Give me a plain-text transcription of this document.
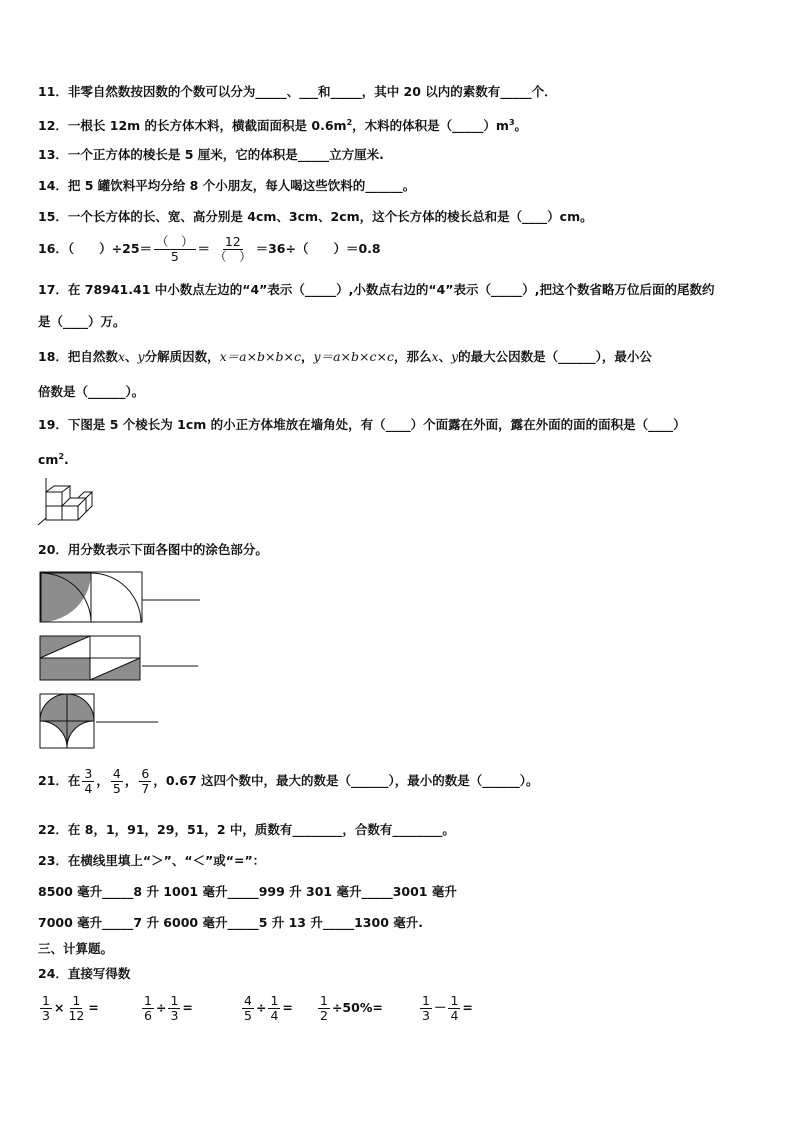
11．非零自然数按因数的个数可以分为_____、___和_____，其中 20 以内的素数有_____个．
12．一根长 12m 的长方体木料，横截面面积是 $0.6m^2$，木料的体积是$(\_\_\_\_\_)m^3$。
13．一个正方体的棱长是 5 厘米，它的体积是_____立方厘米.
14．把 5 罐饮料平均分给 8 个小朋友，每人喝这些饮料的______。
15．一个长方体的长、宽、高分别是 4cm、3cm、2cm，这个长方体的棱长总和是（____）cm。
16．（　　）÷25＝ （　）
5
＝ 12
（　）
＝36÷（　　）＝0.8
17．在 78941.41 中小数点左边的“4”表示（_____）,小数点右边的“4”表示（_____）,把这个数省略万位后面的尾数约
是（____）万。
18．把自然数x、y分解质因数，x＝a×b×b×c，y＝a×b×c×c，那么x、y的最大公因数是（______），最小公
倍数是（______）。
19．下图是 5 个棱长为 1cm 的小正方体堆放在墙角处，有（____）个面露在外面，露在外面的面的面积是（____）
$cm^2$.
20．用分数表示下面各图中的涂色部分。
21．在 $\frac{3}{4}$ ， $\frac{4}{5}$ ， $\frac{6}{7}$ ，0.67 这四个数中，最大的数是（______），最小的数是（______）。
22．在 8，1，91，29，51，2 中，质数有________，合数有________。
23．在横线里填上“＞”、“＜”或“=”：
8500 毫升_____8 升 1001 毫升_____999 升 301 毫升_____3001 毫升
7000 毫升_____7 升 6000 毫升_____5 升 13 升_____1300 毫升.
三、计算题。
24．直接写得数
$\frac{1}{3} \times \frac{1}{12}$ =	$\frac{1}{6} \div \frac{1}{3}$ =	$\frac{4}{5} \div \frac{1}{4} = \frac{1}{2} \div 50\%=$	$\frac{1}{3} - \frac{1}{4}$ =
